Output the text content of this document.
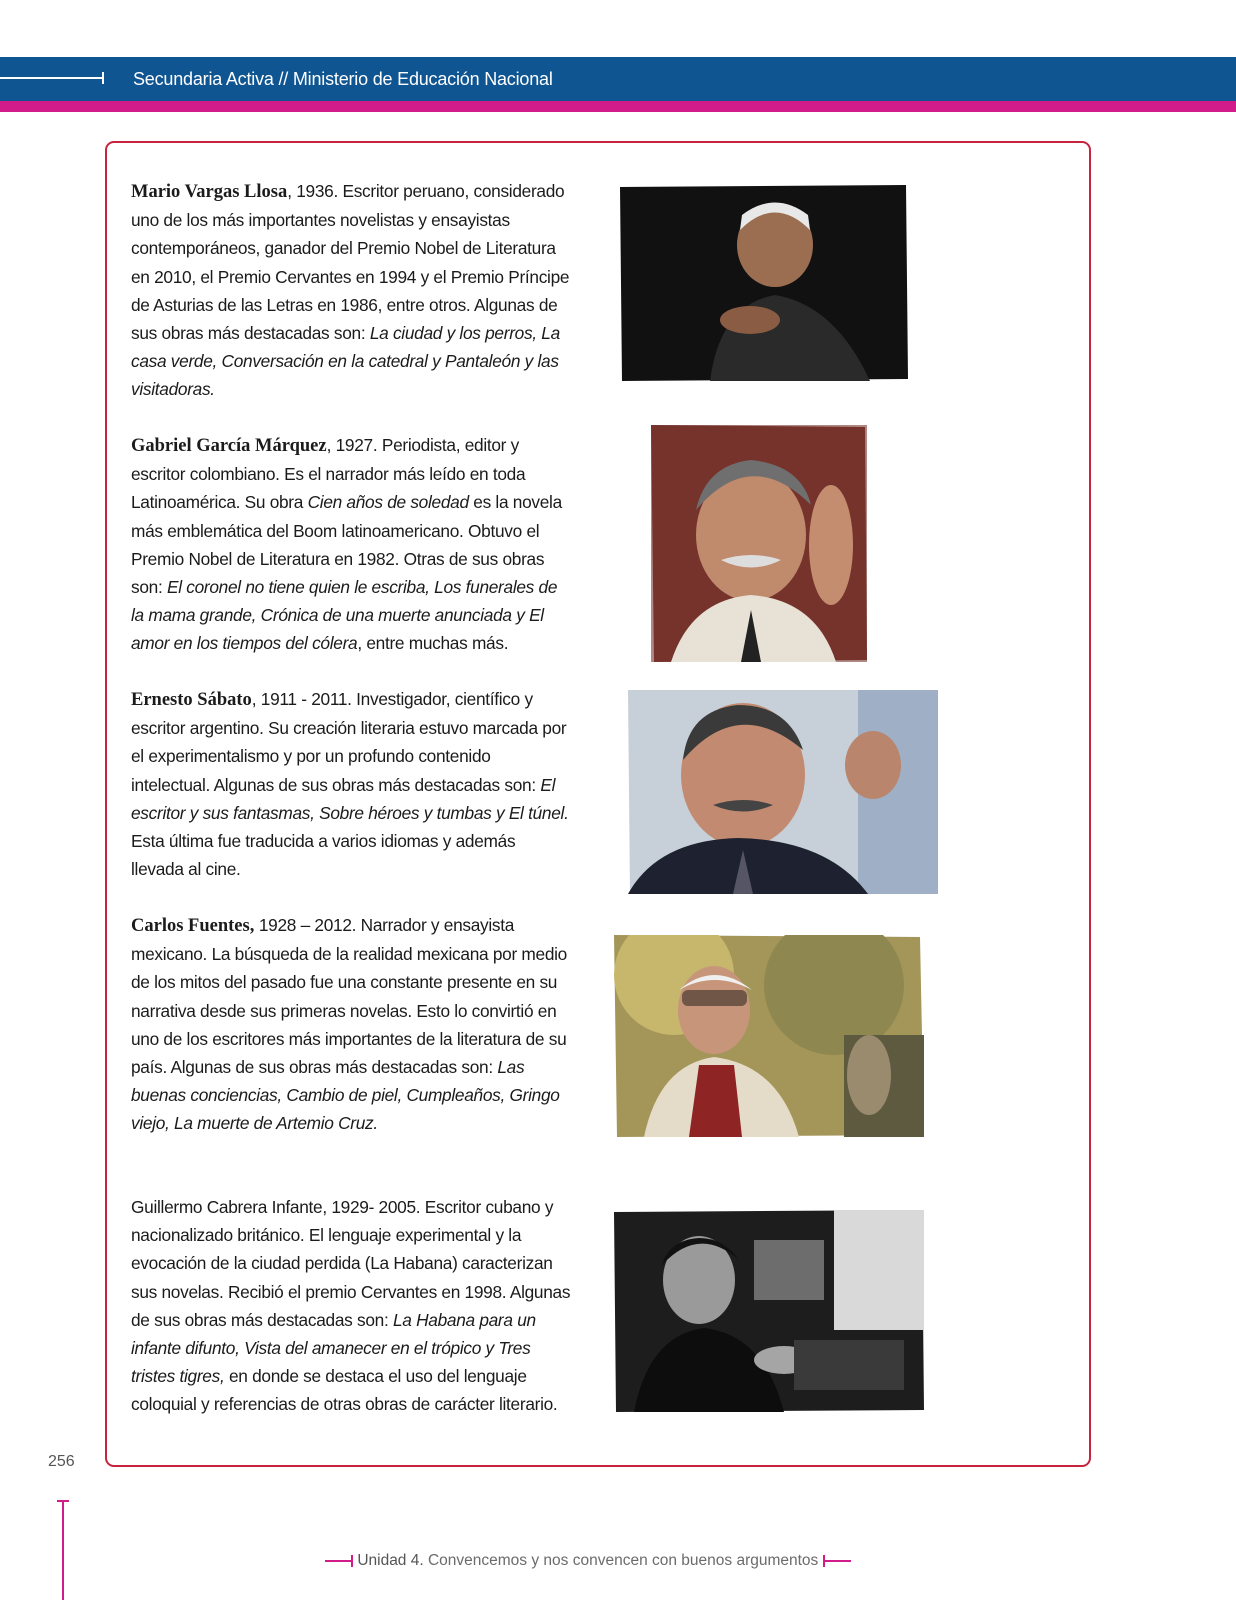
Secundaria Activa // Ministerio de Educación Nacional
Mario Vargas Llosa, 1936. Escritor peruano, considerado uno de los más importantes novelistas y ensayistas contemporáneos, ganador del Premio Nobel de Literatura en 2010, el Premio Cervantes en 1994 y el Premio Príncipe de Asturias de las Letras en 1986, entre otros. Algunas de sus obras más destacadas son: La ciudad y los perros, La casa verde, Conversación en la catedral y Pantaleón y las visitadoras.
Gabriel García Márquez, 1927. Periodista, editor y escritor colombiano. Es el narrador más leído en toda Latinoamérica. Su obra Cien años de soledad es la novela más emblemática del Boom latinoamericano. Obtuvo el Premio Nobel de Literatura en 1982. Otras de sus obras son: El coronel no tiene quien le escriba, Los funerales de la mama grande, Crónica de una muerte anunciada y El amor en los tiempos del cólera, entre muchas más.
Ernesto Sábato, 1911 - 2011. Investigador, científico y escritor argentino. Su creación literaria estuvo marcada por el experimentalismo y por un profundo contenido intelectual. Algunas de sus obras más destacadas son: El escritor y sus fantasmas, Sobre héroes y tumbas y El túnel. Esta última fue traducida a varios idiomas y además llevada al cine.
Carlos Fuentes, 1928 – 2012. Narrador y ensayista mexicano. La búsqueda de la realidad mexicana por medio de los mitos del pasado fue una constante presente en su narrativa desde sus primeras novelas. Esto lo convirtió en uno de los escritores más importantes de la literatura de su país. Algunas de sus obras más destacadas son: Las buenas conciencias, Cambio de piel, Cumpleaños, Gringo viejo, La muerte de Artemio Cruz.
Guillermo Cabrera Infante, 1929- 2005. Escritor cubano y nacionalizado británico. El lenguaje experimental y la evocación de la ciudad perdida (La Habana) caracterizan sus novelas. Recibió el premio Cervantes en 1998. Algunas de sus obras más destacadas son: La Habana para un infante difunto, Vista del amanecer en el trópico y Tres tristes tigres, en donde se destaca el uso del lenguaje coloquial y referencias de otras obras de carácter literario.
256
Unidad 4. Convencemos y nos convencen con buenos argumentos
